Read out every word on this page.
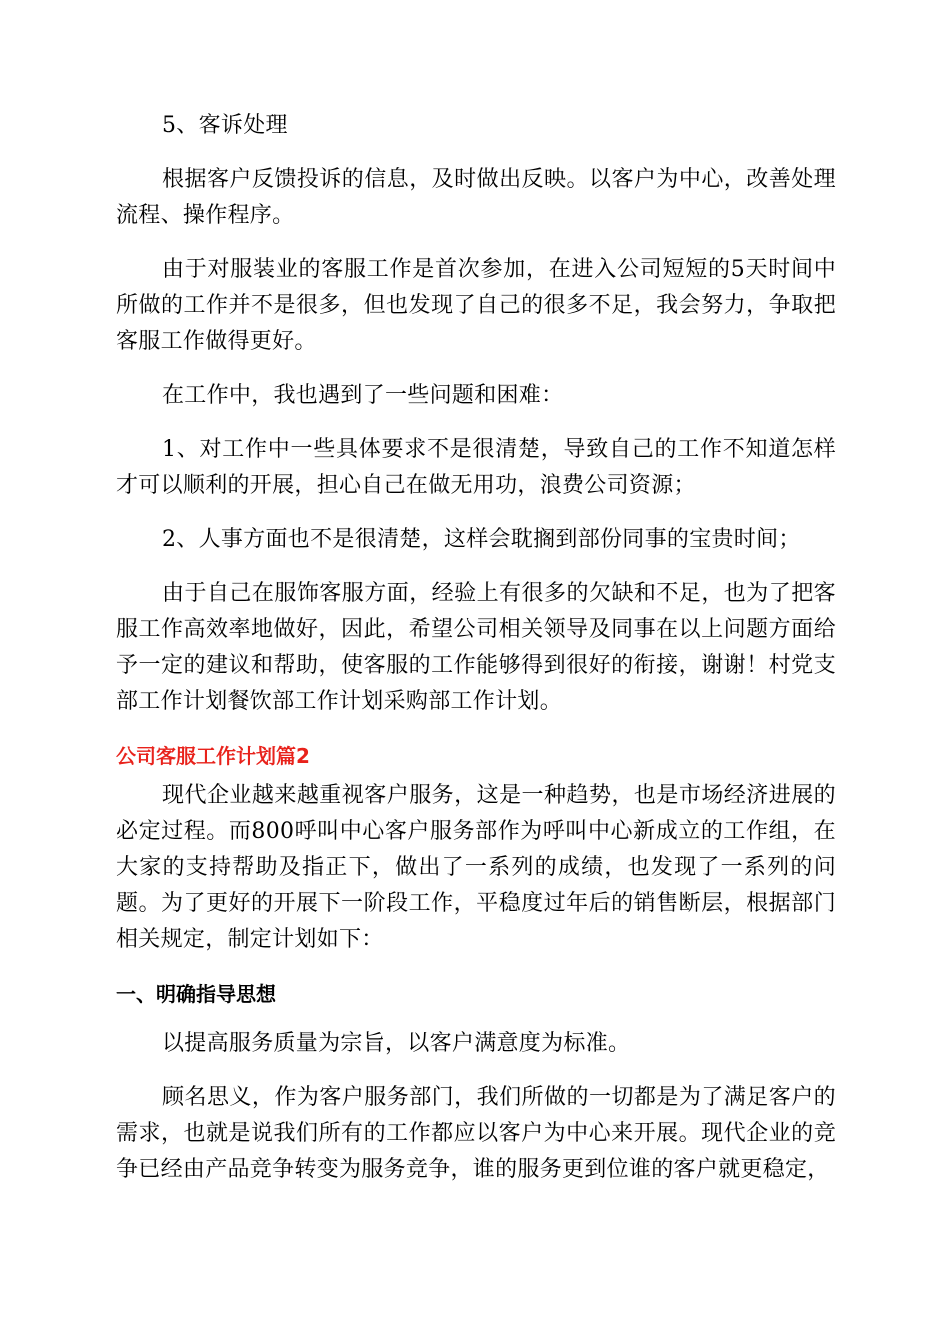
5、客诉处理

根据客户反馈投诉的信息，及时做出反映。以客户为中心，改善处理流程、操作程序。

由于对服装业的客服工作是首次参加，在进入公司短短的5天时间中所做的工作并不是很多，但也发现了自己的很多不足，我会努力，争取把客服工作做得更好。

在工作中，我也遇到了一些问题和困难：

1、对工作中一些具体要求不是很清楚，导致自己的工作不知道怎样才可以顺利的开展，担心自己在做无用功，浪费公司资源；

2、人事方面也不是很清楚，这样会耽搁到部份同事的宝贵时间；

由于自己在服饰客服方面，经验上有很多的欠缺和不足，也为了把客服工作高效率地做好，因此，希望公司相关领导及同事在以上问题方面给予一定的建议和帮助，使客服的工作能够得到很好的衔接，谢谢！村党支部工作计划餐饮部工作计划采购部工作计划。

公司客服工作计划篇2

现代企业越来越重视客户服务，这是一种趋势，也是市场经济进展的必定过程。而800呼叫中心客户服务部作为呼叫中心新成立的工作组，在大家的支持帮助及指正下，做出了一系列的成绩，也发现了一系列的问题。为了更好的开展下一阶段工作，平稳度过年后的销售断层，根据部门相关规定，制定计划如下：

一、明确指导思想

以提高服务质量为宗旨，以客户满意度为标准。

顾名思义，作为客户服务部门，我们所做的一切都是为了满足客户的需求，也就是说我们所有的工作都应以客户为中心来开展。现代企业的竞争已经由产品竞争转变为服务竞争，谁的服务更到位谁的客户就更稳定，
